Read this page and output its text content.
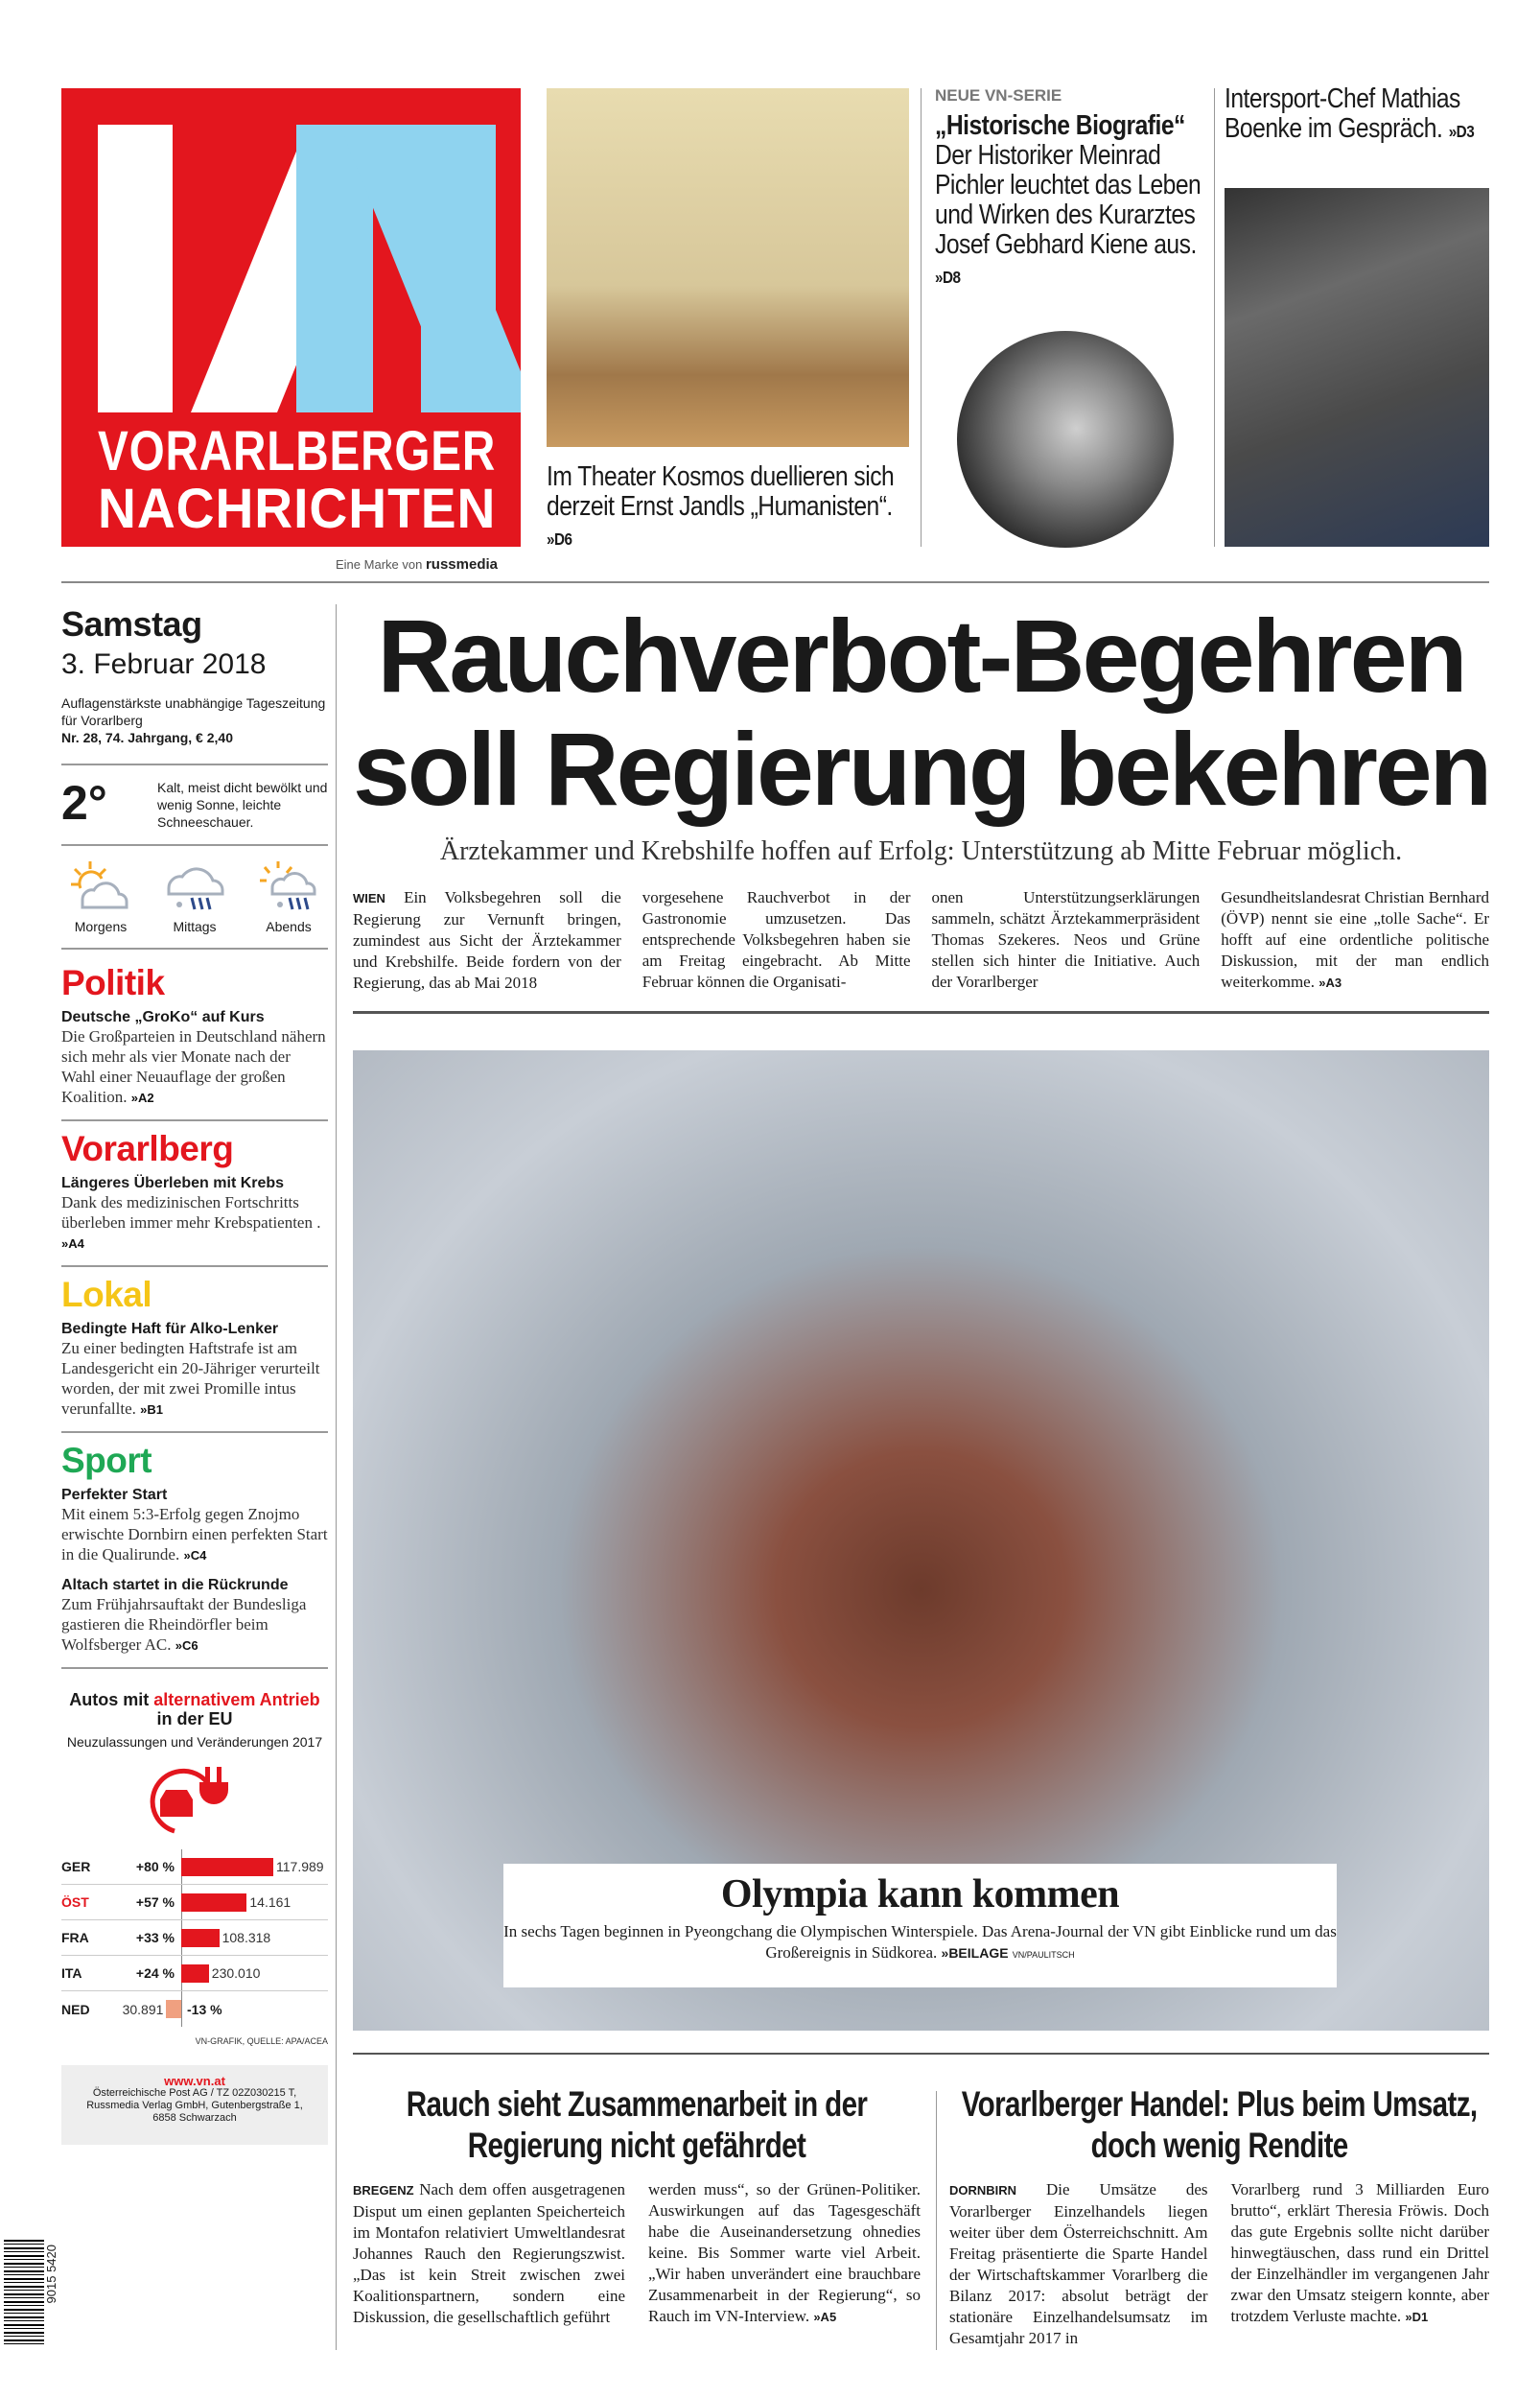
VORARLBERGER
NACHRICHTEN
Eine Marke von russmedia
Im Theater Kosmos duellieren sich derzeit Ernst Jandls „Humanisten“. »D6
NEUE VN-SERIE
„Historische Biografie“
Der Historiker Meinrad Pichler leuchtet das Leben und Wirken des Kurarztes Josef Gebhard Kiene aus. »D8
Intersport-Chef Mathias Boenke im Gespräch. »D3
Samstag
3. Februar 2018
Auflagenstärkste unabhängige Tageszeitung für Vorarlberg
Nr. 28, 74. Jahrgang, € 2,40
2°	Kalt, meist dicht bewölkt und wenig Sonne, leichte Schneeschauer.
Morgens	Mittags	Abends
Politik
Deutsche „GroKo“ auf Kurs
Die Großparteien in Deutschland nähern sich mehr als vier Monate nach der Wahl einer Neuauflage der großen Koalition. »A2
Vorarlberg
Längeres Überleben mit Krebs
Dank des medizinischen Fortschritts überleben immer mehr Krebspatienten . »A4
Lokal
Bedingte Haft für Alko-Lenker
Zu einer bedingten Haftstrafe ist am Landesgericht ein 20-Jähriger verurteilt worden, der mit zwei Promille intus verunfallte. »B1
Sport
Perfekter Start
Mit einem 5:3-Erfolg gegen Znojmo erwischte Dornbirn einen perfekten Start in die Qualirunde. »C4
Altach startet in die Rückrunde
Zum Frühjahrsauftakt der Bundesliga gastieren die Rheindörfler beim Wolfsberger AC. »C6
Autos mit alternativem Antrieb in der EU
Neuzulassungen und Veränderungen 2017
GER	+80 %	117.989
ÖST	+57 %	14.161
FRA	+33 %	108.318
ITA	+24 %	230.010
NED	30.891 -13 %
VN-GRAFIK, QUELLE: APA/ACEA
www.vn.at
Österreichische Post AG / TZ 02Z030215 T,
Russmedia Verlag GmbH, Gutenbergstraße 1,
6858 Schwarzach
Rauchverbot-Begehren
soll Regierung bekehren
Ärztekammer und Krebshilfe hoffen auf Erfolg: Unterstützung ab Mitte Februar möglich.
WIEN Ein Volksbegehren soll die Regierung zur Vernunft bringen, zumindest aus Sicht der Ärztekammer und Krebshilfe. Beide fordern von der Regierung, das ab Mai 2018
vorgesehene Rauchverbot in der Gastronomie umzusetzen. Das entsprechende Volksbegehren haben sie am Freitag eingebracht. Ab Mitte Februar können die Organisati-
onen Unterstützungserklärungen sammeln, schätzt Ärztekammerpräsident Thomas Szekeres. Neos und Grüne stellen sich hinter die Initiative. Auch der Vorarlberger
Gesundheitslandesrat Christian Bernhard (ÖVP) nennt sie eine „tolle Sache“. Er hofft auf eine ordentliche politische Diskussion, mit der man endlich weiterkomme. »A3
Olympia kann kommen
In sechs Tagen beginnen in Pyeongchang die Olympischen Winterspiele. Das Arena-Journal der VN gibt Einblicke rund um das Großereignis in Südkorea. »BEILAGE VN/PAULITSCH
Rauch sieht Zusammenarbeit in der Regierung nicht gefährdet
BREGENZ Nach dem offen ausgetragenen Disput um einen geplanten Speicherteich im Montafon relativiert Umweltlandesrat Johannes Rauch den Regierungszwist. „Das ist kein Streit zwischen zwei Koalitionspartnern, sondern eine Diskussion, die gesellschaftlich geführt
werden muss“, so der Grünen-Politiker. Auswirkungen auf das Tagesgeschäft habe die Auseinandersetzung ohnedies keine. Bis Sommer warte viel Arbeit. „Wir haben unverändert eine brauchbare Zusammenarbeit in der Regierung“, so Rauch im VN-Interview. »A5
Vorarlberger Handel: Plus beim Umsatz, doch wenig Rendite
DORNBIRN Die Umsätze des Vorarlberger Einzelhandels liegen weiter über dem Österreichschnitt. Am Freitag präsentierte die Sparte Handel der Wirtschaftskammer Vorarlberg die Bilanz 2017: absolut beträgt der stationäre Einzelhandelsumsatz im Gesamtjahr 2017 in
Vorarlberg rund 3 Milliarden Euro brutto“, erklärt Theresia Fröwis. Doch das gute Ergebnis sollte nicht darüber hinwegtäuschen, dass rund ein Drittel der Einzelhändler im vergangenen Jahr zwar den Umsatz steigern konnte, aber trotzdem Verluste machte. »D1
9015 5420
